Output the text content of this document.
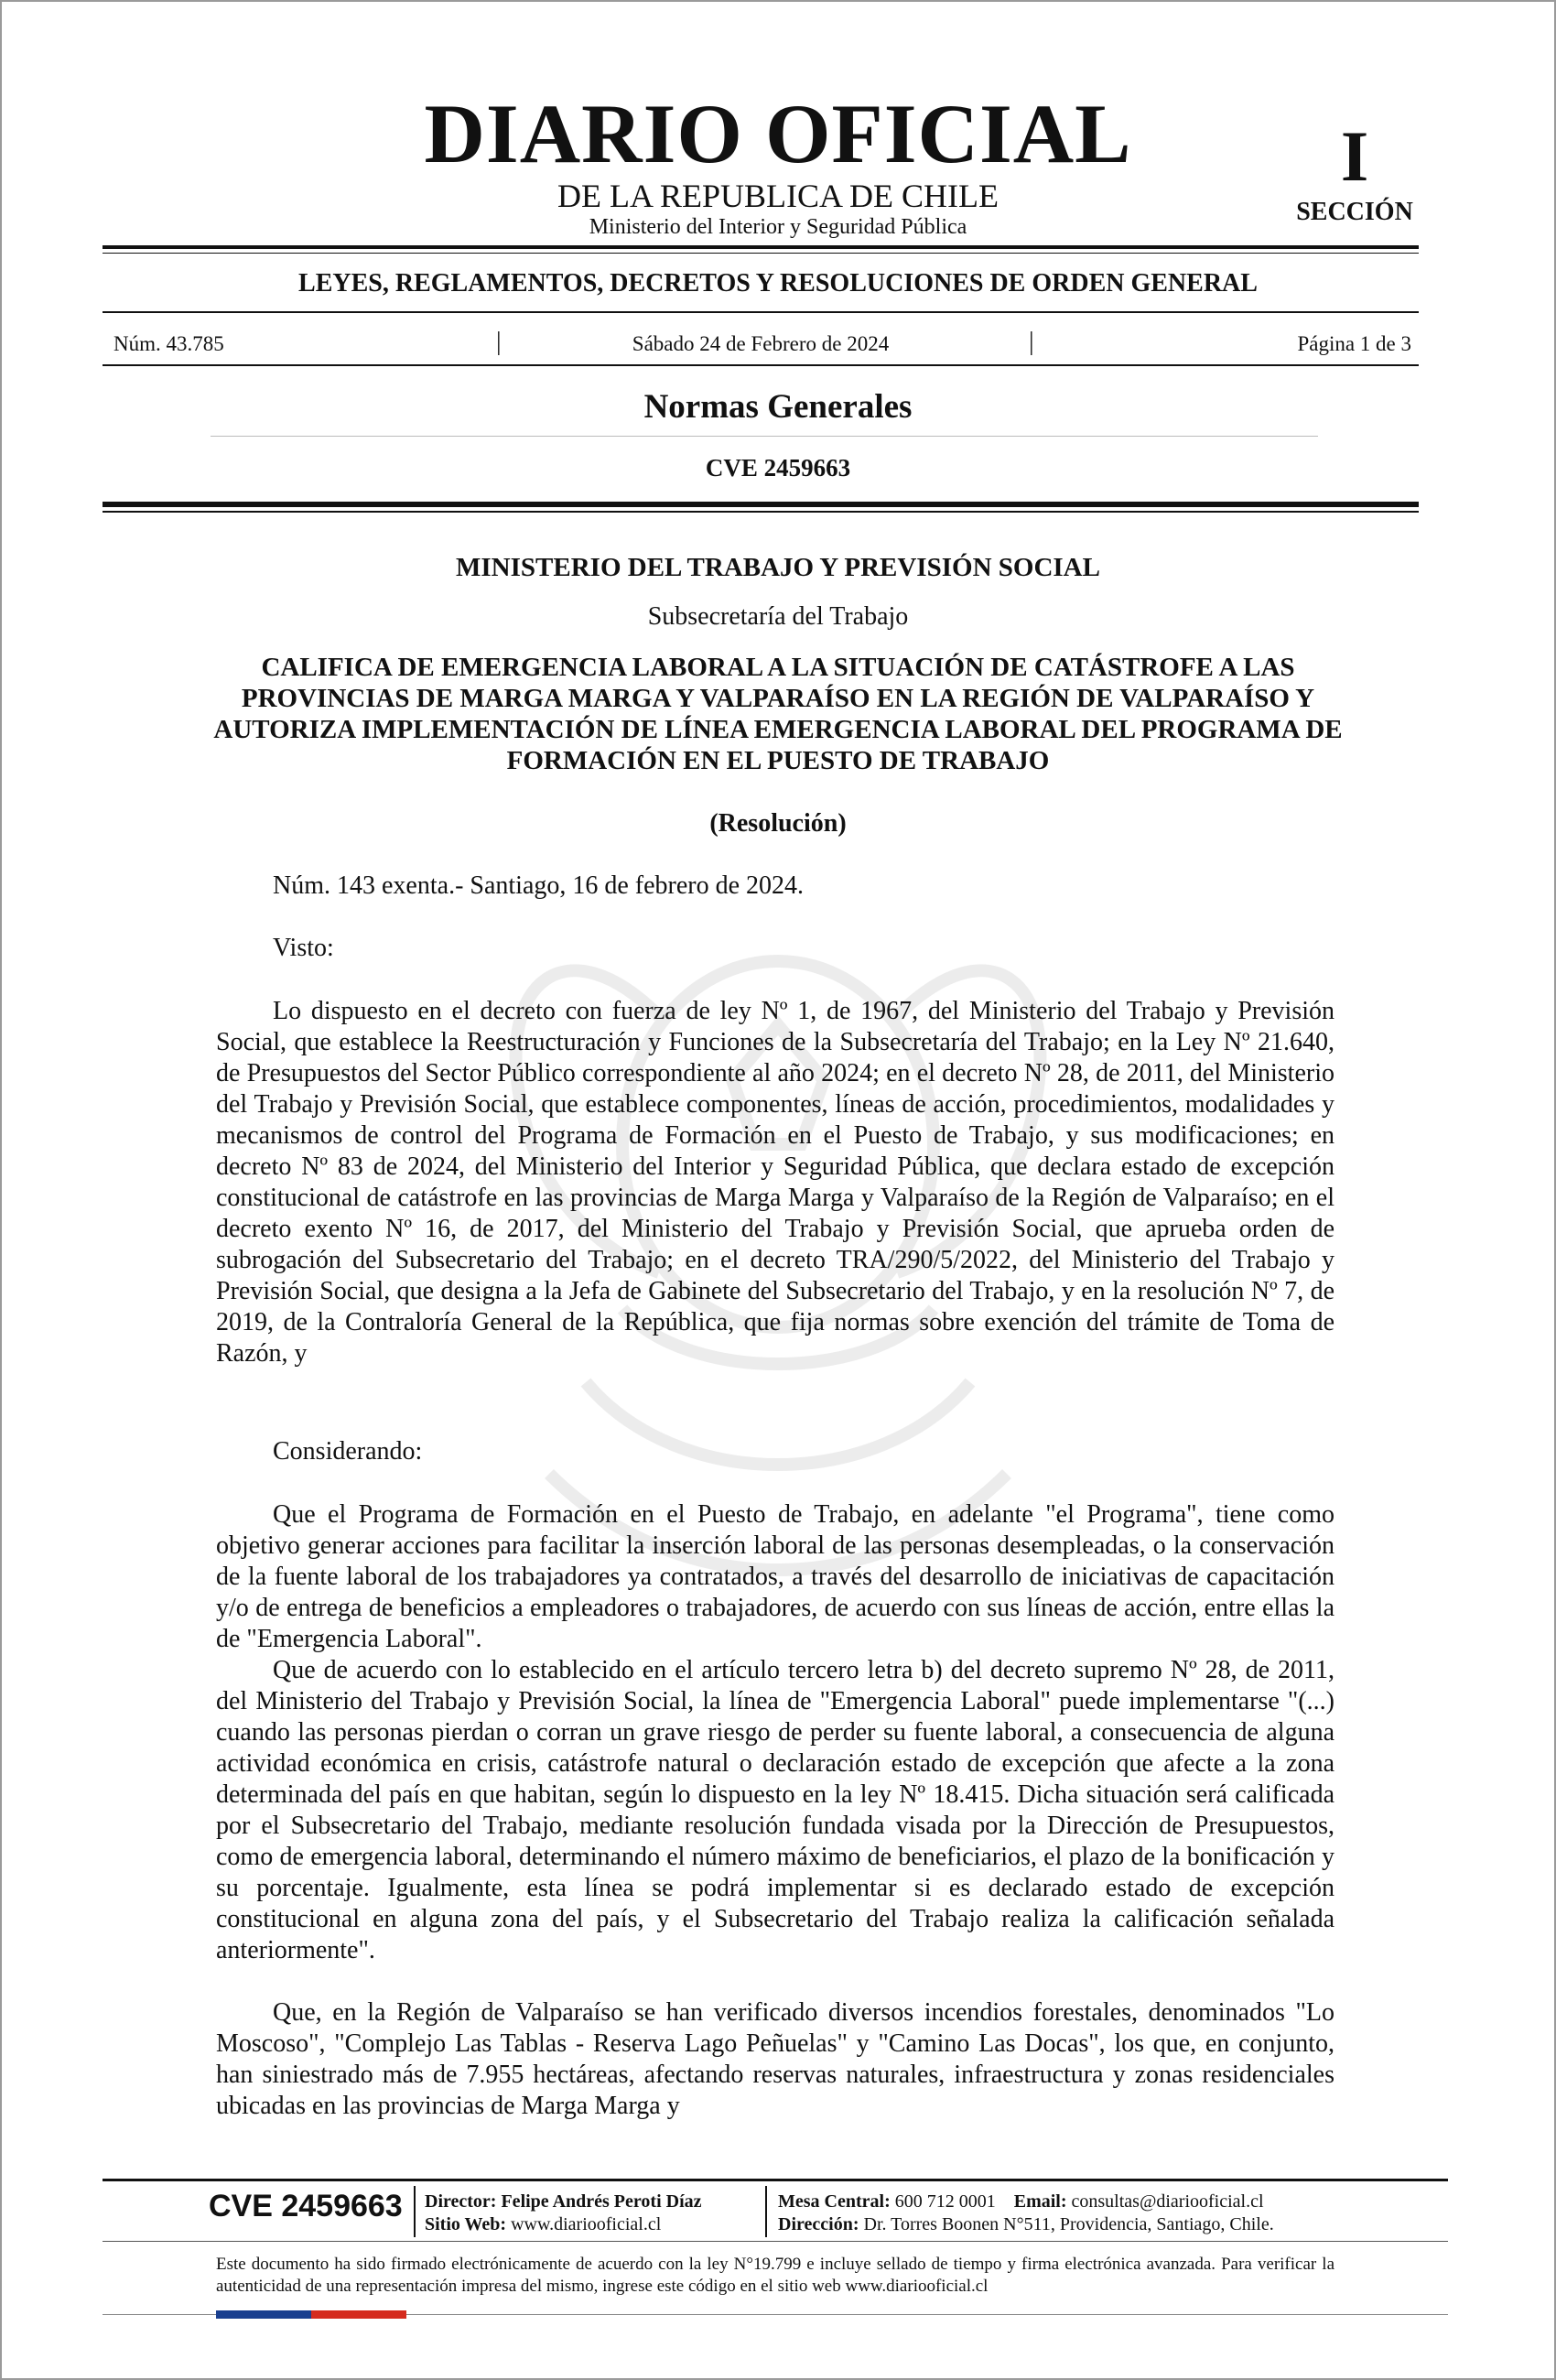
DIARIO OFICIAL
DE LA REPUBLICA DE CHILE
Ministerio del Interior y Seguridad Pública
I
SECCIÓN
LEYES, REGLAMENTOS, DECRETOS Y RESOLUCIONES DE ORDEN GENERAL
Núm. 43.785	|	Sábado 24 de Febrero de 2024	|	Página 1 de 3
Normas Generales
CVE 2459663
MINISTERIO DEL TRABAJO Y PREVISIÓN SOCIAL
Subsecretaría del Trabajo
CALIFICA DE EMERGENCIA LABORAL A LA SITUACIÓN DE CATÁSTROFE A LAS PROVINCIAS DE MARGA MARGA Y VALPARAÍSO EN LA REGIÓN DE VALPARAÍSO Y AUTORIZA IMPLEMENTACIÓN DE LÍNEA EMERGENCIA LABORAL DEL PROGRAMA DE FORMACIÓN EN EL PUESTO DE TRABAJO
(Resolución)
Núm. 143 exenta.- Santiago, 16 de febrero de 2024.
Visto:
Lo dispuesto en el decreto con fuerza de ley Nº 1, de 1967, del Ministerio del Trabajo y Previsión Social, que establece la Reestructuración y Funciones de la Subsecretaría del Trabajo; en la Ley Nº 21.640, de Presupuestos del Sector Público correspondiente al año 2024; en el decreto Nº 28, de 2011, del Ministerio del Trabajo y Previsión Social, que establece componentes, líneas de acción, procedimientos, modalidades y mecanismos de control del Programa de Formación en el Puesto de Trabajo, y sus modificaciones; en decreto Nº 83 de 2024, del Ministerio del Interior y Seguridad Pública, que declara estado de excepción constitucional de catástrofe en las provincias de Marga Marga y Valparaíso de la Región de Valparaíso; en el decreto exento Nº 16, de 2017, del Ministerio del Trabajo y Previsión Social, que aprueba orden de subrogación del Subsecretario del Trabajo; en el decreto TRA/290/5/2022, del Ministerio del Trabajo y Previsión Social, que designa a la Jefa de Gabinete del Subsecretario del Trabajo, y en la resolución Nº 7, de 2019, de la Contraloría General de la República, que fija normas sobre exención del trámite de Toma de Razón, y
Considerando:
Que el Programa de Formación en el Puesto de Trabajo, en adelante "el Programa", tiene como objetivo generar acciones para facilitar la inserción laboral de las personas desempleadas, o la conservación de la fuente laboral de los trabajadores ya contratados, a través del desarrollo de iniciativas de capacitación y/o de entrega de beneficios a empleadores o trabajadores, de acuerdo con sus líneas de acción, entre ellas la de "Emergencia Laboral".
Que de acuerdo con lo establecido en el artículo tercero letra b) del decreto supremo Nº 28, de 2011, del Ministerio del Trabajo y Previsión Social, la línea de "Emergencia Laboral" puede implementarse "(...) cuando las personas pierdan o corran un grave riesgo de perder su fuente laboral, a consecuencia de alguna actividad económica en crisis, catástrofe natural o declaración estado de excepción que afecte a la zona determinada del país en que habitan, según lo dispuesto en la ley Nº 18.415. Dicha situación será calificada por el Subsecretario del Trabajo, mediante resolución fundada visada por la Dirección de Presupuestos, como de emergencia laboral, determinando el número máximo de beneficiarios, el plazo de la bonificación y su porcentaje. Igualmente, esta línea se podrá implementar si es declarado estado de excepción constitucional en alguna zona del país, y el Subsecretario del Trabajo realiza la calificación señalada anteriormente".
Que, en la Región de Valparaíso se han verificado diversos incendios forestales, denominados "Lo Moscoso", "Complejo Las Tablas - Reserva Lago Peñuelas" y "Camino Las Docas", los que, en conjunto, han siniestrado más de 7.955 hectáreas, afectando reservas naturales, infraestructura y zonas residenciales ubicadas en las provincias de Marga Marga y
CVE 2459663 Director: Felipe Andrés Peroti Díaz
Sitio Web: www.diariooficial.cl
Mesa Central: 600 712 0001 Email: consultas@diariooficial.cl
Dirección: Dr. Torres Boonen N°511, Providencia, Santiago, Chile.
Este documento ha sido firmado electrónicamente de acuerdo con la ley N°19.799 e incluye sellado de tiempo y firma electrónica avanzada. Para verificar la autenticidad de una representación impresa del mismo, ingrese este código en el sitio web www.diariooficial.cl
